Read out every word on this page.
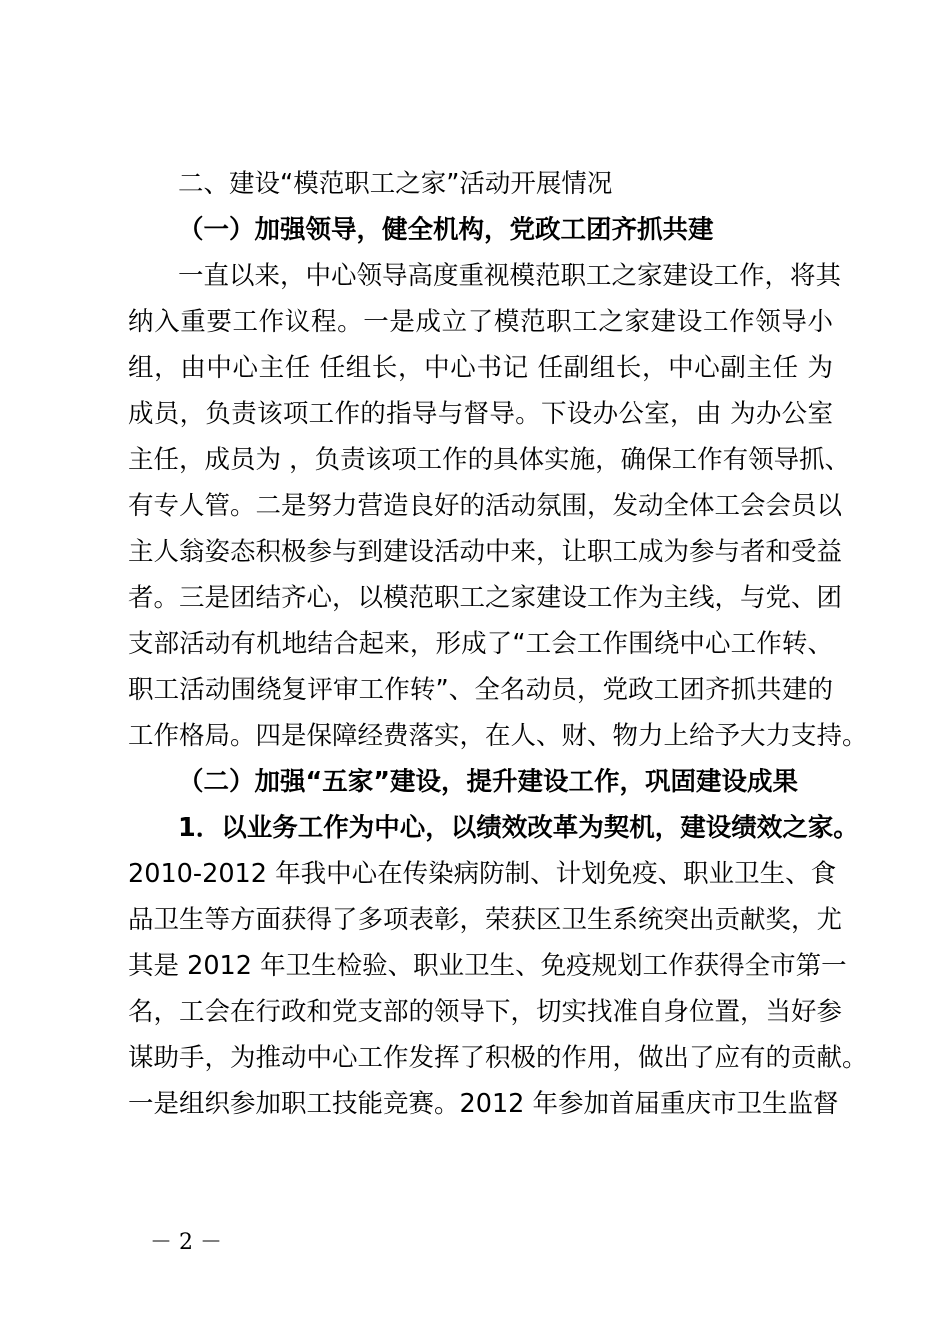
二、建设“模范职工之家”活动开展情况
（一）加强领导，健全机构，党政工团齐抓共建
一直以来，中心领导高度重视模范职工之家建设工作，将其
纳入重要工作议程。一是成立了模范职工之家建设工作领导小
组，由中心主任 任组长，中心书记 任副组长，中心副主任 为
成员，负责该项工作的指导与督导。下设办公室，由 为办公室
主任，成员为 ，负责该项工作的具体实施，确保工作有领导抓、
有专人管。二是努力营造良好的活动氛围，发动全体工会会员以
主人翁姿态积极参与到建设活动中来，让职工成为参与者和受益
者。三是团结齐心，以模范职工之家建设工作为主线，与党、团
支部活动有机地结合起来，形成了“工会工作围绕中心工作转、
职工活动围绕复评审工作转”、全名动员，党政工团齐抓共建的
工作格局。四是保障经费落实，在人、财、物力上给予大力支持。
（二）加强“五家”建设，提升建设工作，巩固建设成果
1．以业务工作为中心，以绩效改革为契机，建设绩效之家。
2010-2012 年我中心在传染病防制、计划免疫、职业卫生、食
品卫生等方面获得了多项表彰，荣获区卫生系统突出贡献奖，尤
其是 2012 年卫生检验、职业卫生、免疫规划工作获得全市第一
名，工会在行政和党支部的领导下，切实找准自身位置，当好参
谋助手，为推动中心工作发挥了积极的作用，做出了应有的贡献。
一是组织参加职工技能竞赛。2012 年参加首届重庆市卫生监督
－ 2 －
